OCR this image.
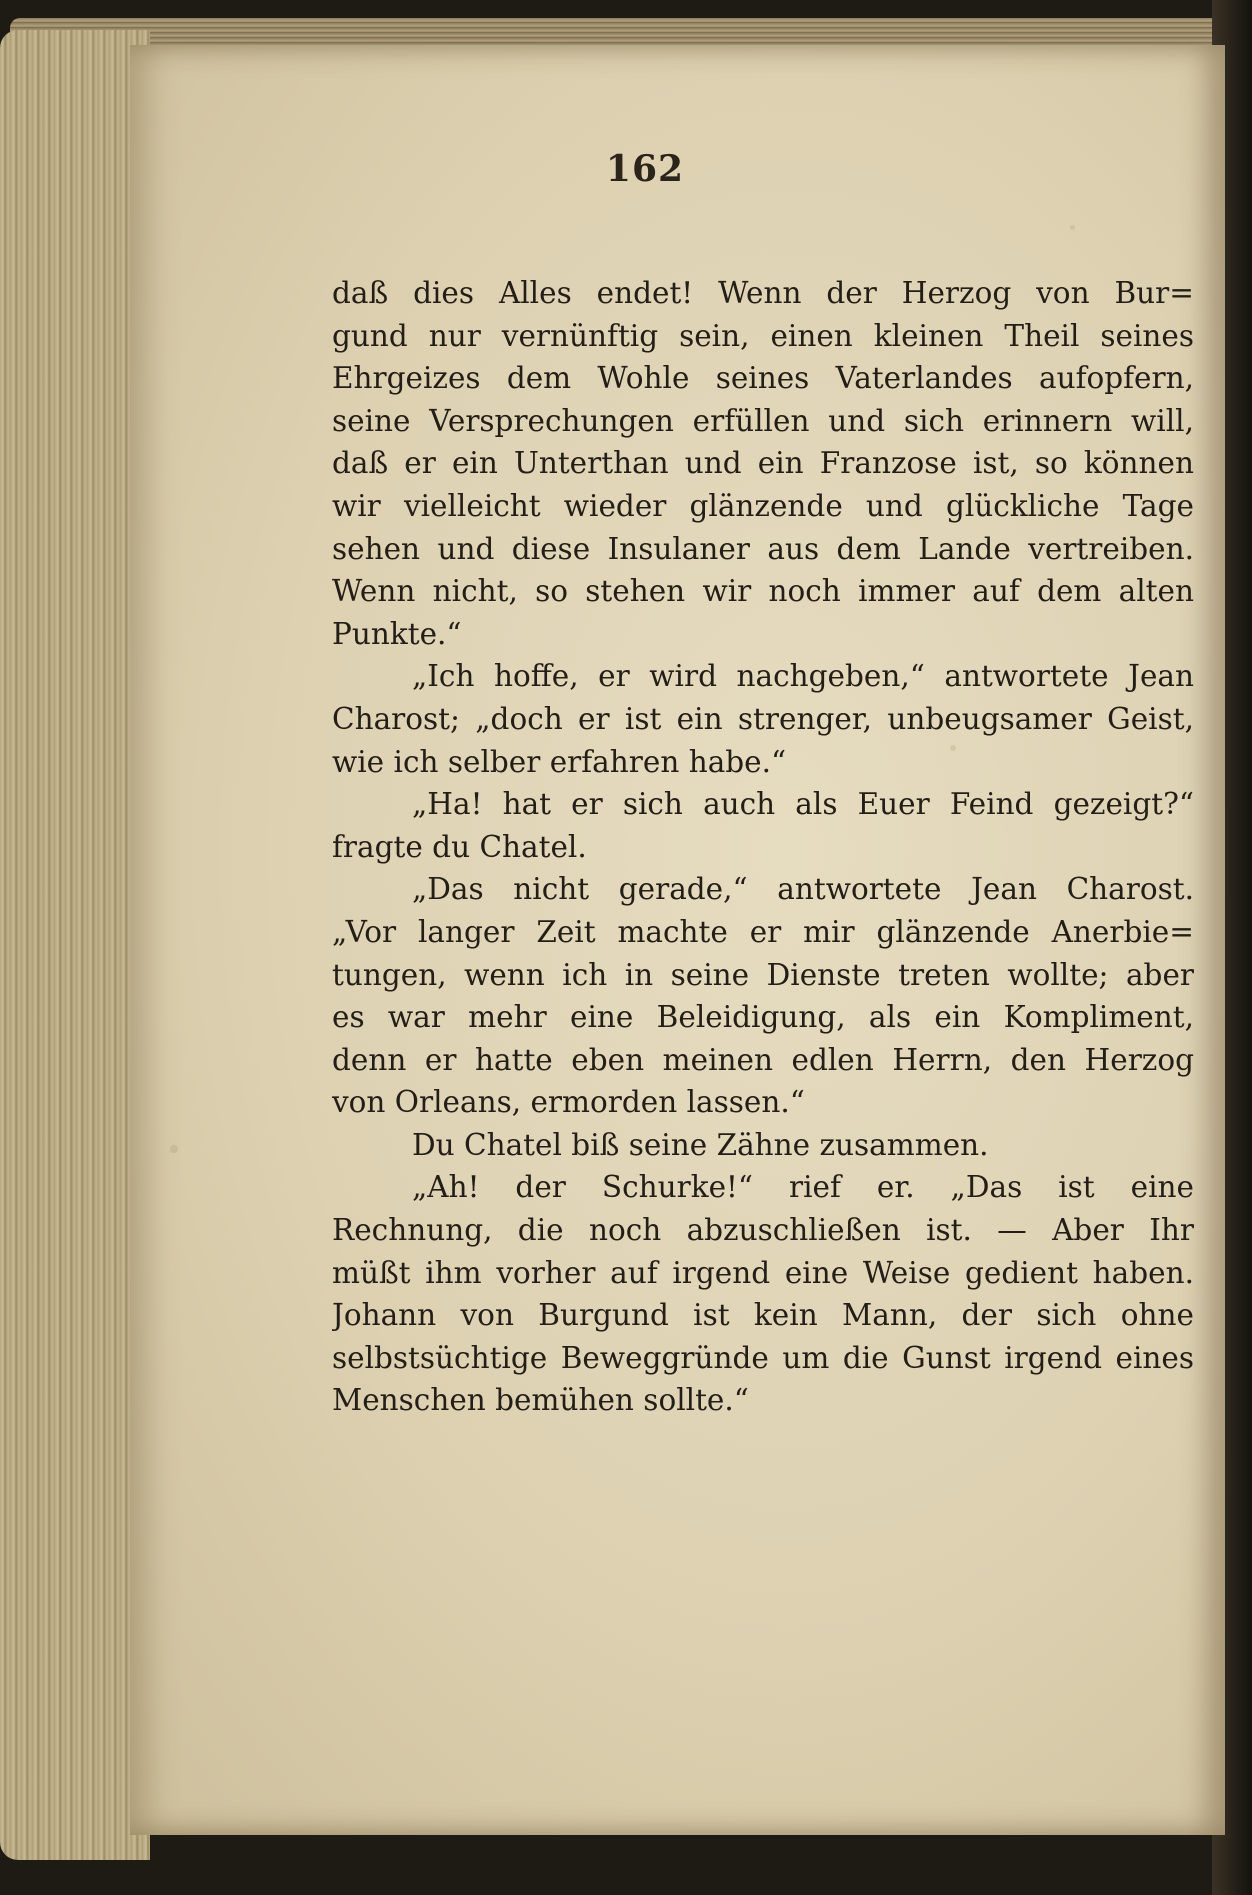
162
daß dies Alles endet! Wenn der Herzog von Bur=
gund nur vernünftig sein, einen kleinen Theil seines
Ehrgeizes dem Wohle seines Vaterlandes aufopfern,
seine Versprechungen erfüllen und sich erinnern will,
daß er ein Unterthan und ein Franzose ist, so können
wir vielleicht wieder glänzende und glückliche Tage
sehen und diese Insulaner aus dem Lande vertreiben.
Wenn nicht, so stehen wir noch immer auf dem alten
Punkte.“
„Ich hoffe, er wird nachgeben,“ antwortete Jean
Charost; „doch er ist ein strenger, unbeugsamer Geist,
wie ich selber erfahren habe.“
„Ha! hat er sich auch als Euer Feind gezeigt?“
fragte du Chatel.
„Das nicht gerade,“ antwortete Jean Charost.
„Vor langer Zeit machte er mir glänzende Anerbie=
tungen, wenn ich in seine Dienste treten wollte; aber
es war mehr eine Beleidigung, als ein Kompliment,
denn er hatte eben meinen edlen Herrn, den Herzog
von Orleans, ermorden lassen.“
Du Chatel biß seine Zähne zusammen.
„Ah! der Schurke!“ rief er. „Das ist eine
Rechnung, die noch abzuschließen ist. — Aber Ihr
müßt ihm vorher auf irgend eine Weise gedient haben.
Johann von Burgund ist kein Mann, der sich ohne
selbstsüchtige Beweggründe um die Gunst irgend eines
Menschen bemühen sollte.“
